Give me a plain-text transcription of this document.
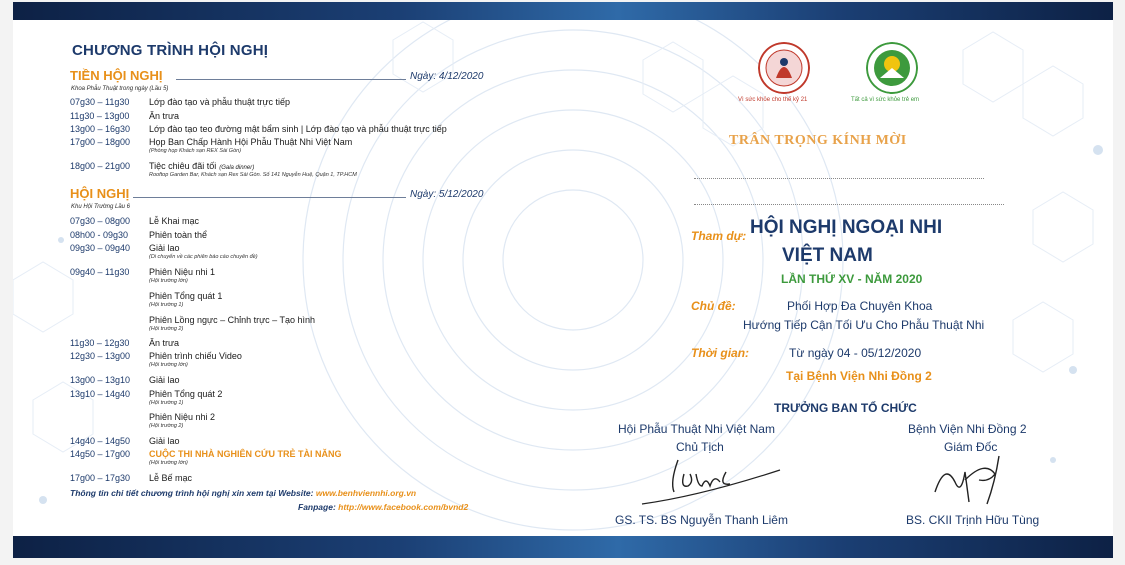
CHƯƠNG TRÌNH HỘI NGHỊ
TIỀN HỘI NGHỊ	Ngày: 4/12/2020
Khoa Phẫu Thuật trong ngày (Lầu 5)
07g30 – 11g30 Lớp đào tạo và phẫu thuật trực tiếp
11g30 – 13g00 Ăn trưa
13g00 – 16g30 Lớp đào tạo teo đường mật bẩm sinh | Lớp đào tạo và phẫu thuật trực tiếp
17g00 – 18g00 Họp Ban Chấp Hành Hội Phẫu Thuật Nhi Việt Nam
(Phòng họp Khách sạn REX Sài Gòn)
18g00 – 21g00 Tiệc chiêu đãi tối (Gala dinner)
Rooftop Garden Bar, Khách sạn Rex Sài Gòn. Số 141 Nguyễn Huệ, Quận 1, TP.HCM
HỘI NGHỊ	Ngày: 5/12/2020
Khu Hội Trường Lầu 6
07g30 – 08g00 Lễ Khai mạc
08h00 - 09g30 Phiên toàn thể
09g30 – 09g40 Giải lao
(Di chuyển về các phiên báo cáo chuyên đề)
09g40 – 11g30 Phiên Niệu nhi 1
(Hội trường lớn)
Phiên Tổng quát 1
(Hội trường 1)
Phiên Lồng ngực – Chỉnh trực – Tạo hình
(Hội trường 2)
11g30 – 12g30 Ăn trưa
12g30 – 13g00 Phiên trình chiếu Video
(Hội trường lớn)
13g00 – 13g10 Giải lao
13g10 – 14g40 Phiên Tổng quát 2
(Hội trường 1)
Phiên Niệu nhi 2
(Hội trường 2)
14g40 – 14g50 Giải lao
14g50 – 17g00 CUỘC THI NHÀ NGHIÊN CỨU TRẺ TÀI NĂNG
(Hội trường lớn)
17g00 – 17g30 Lễ Bế mạc
Thông tin chi tiết chương trình hội nghị xin xem tại Website: www.benhviennhi.org.vn
Fanpage: http://www.facebook.com/bvnd2
Vì sức khỏe cho thế kỷ 21	Tất cả vì sức khỏe trẻ em
TRÂN TRỌNG KÍNH MỜI
Tham dự: HỘI NGHỊ NGOẠI NHI
VIỆT NAM
LẦN THỨ XV - NĂM 2020
Chủ đề:	Phối Hợp Đa Chuyên Khoa
Hướng Tiếp Cận Tối Ưu Cho Phẫu Thuật Nhi
Thời gian:	Từ ngày 04 - 05/12/2020
Tại Bệnh Viện Nhi Đồng 2
TRƯỞNG BAN TỔ CHỨC
Hội Phẫu Thuật Nhi Việt Nam
Chủ Tịch
GS. TS. BS Nguyễn Thanh Liêm
Bệnh Viện Nhi Đồng 2
Giám Đốc
BS. CKII Trịnh Hữu Tùng
